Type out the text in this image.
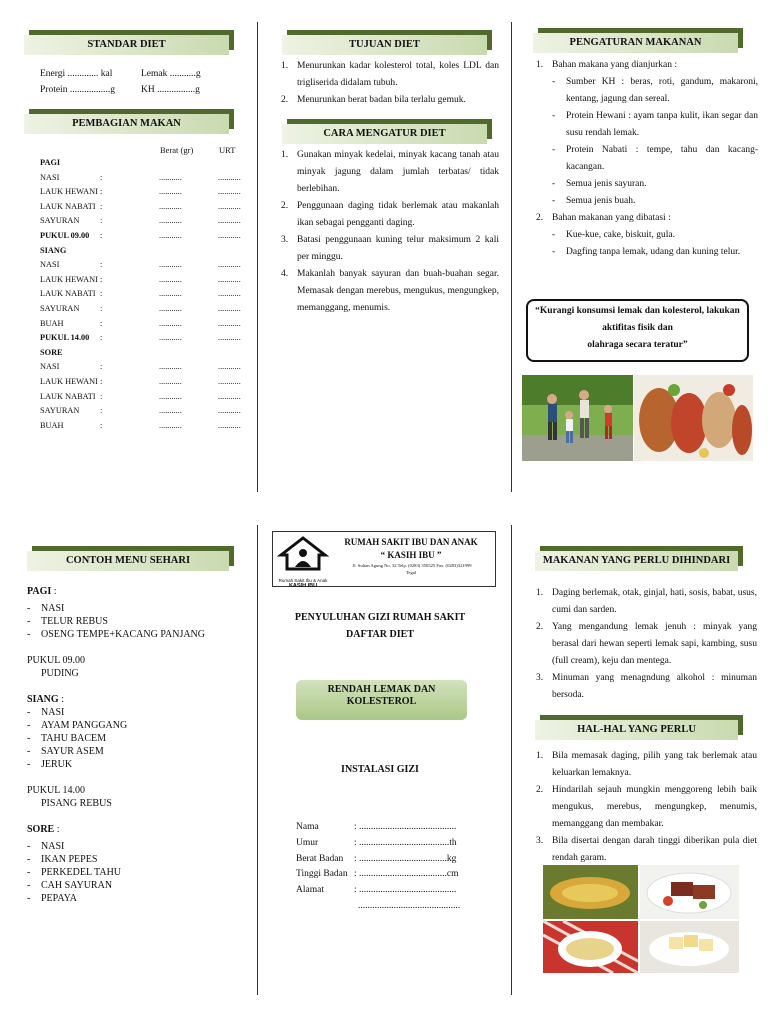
STANDAR DIET
Energi ............. kal	Lemak ...........g
Protein .................g	KH ................g
PEMBAGIAN MAKAN
Berat (gr)	URT
PAGI
NASI	:	...........	...........
LAUK HEWANI :	...........	...........
LAUK NABATI :	...........	...........
SAYURAN :	...........	...........
PUKUL 09.00 :	...........	...........
SIANG
NASI	:	...........	...........
LAUK HEWANI :	...........	...........
LAUK NABATI :	...........	...........
SAYURAN :	...........	...........
BUAH	:	...........	...........
PUKUL 14.00 :	...........	...........
SORE
NASI	:	...........	...........
LAUK HEWANI :	...........	...........
LAUK NABATI :	...........	...........
SAYURAN :	...........	...........
BUAH	:	...........	...........
TUJUAN DIET
1. Menurunkan kadar kolesterol total, koles LDL dan trigliserida didalam tubuh.
2. Menurunkan berat badan bila terlalu gemuk.
CARA MENGATUR DIET
1. Gunakan minyak kedelai, minyak kacang tanah atau minyak jagung dalam jumlah terbatas/ tidak berlebihan.
2. Penggunaan daging tidak berlemak atau makanlah ikan sebagai pengganti daging.
3. Batasi penggunaan kuning telur maksimum 2 kali per minggu.
4. Makanlah banyak sayuran dan buah-buahan segar. Memasak dengan merebus, mengukus, mengungkep, memanggang, menumis.
PENGATURAN MAKANAN
1. Bahan makana yang dianjurkan :
- Sumber KH : beras, roti, gandum, makaroni, kentang, jagung dan sereal.
- Protein Hewani : ayam tanpa kulit, ikan segar dan susu rendah lemak.
- Protein Nabati : tempe, tahu dan kacang-kacangan.
- Semua jenis sayuran.
- Semua jenis buah.
2. Bahan makanan yang dibatasi :
- Kue-kue, cake, biskuit, gula.
- Dagfing tanpa lemak, udang dan kuning telur.
“Kurangi konsumsi lemak dan kolesterol, lakukan
aktifitas fisik dan
olahraga secara teratur”
CONTOH MENU SEHARI
PAGI :
- NASI
- TELUR REBUS
- OSENG TEMPE+KACANG PANJANG
PUKUL 09.00
PUDING
SIANG :
- NASI
- AYAM PANGGANG
- TAHU BACEM
- SAYUR ASEM
- JERUK
PUKUL 14.00
PISANG REBUS
SORE :
- NASI
- IKAN PEPES
- PERKEDEL TAHU
- CAH SAYURAN
- PEPAYA
Rumah Sakit Ibu & Anak
KASIH IBU
RUMAH SAKIT IBU DAN ANAK
“ KASIH IBU ”
Jl. Sultan Agung No. 32 Telp. (0283) 350525 Fax. (0283)321999
Tegal
PENYULUHAN GIZI RUMAH SAKIT
DAFTAR DIET
RENDAH LEMAK DAN
KOLESTEROL
INSTALASI GIZI
Nama	: .........................................
Umur	: ......................................th
Berat Badan : .....................................kg
Tinggi Badan : .....................................cm
Alamat	: .........................................
...........................................
MAKANAN YANG PERLU DIHINDARI
1. Daging berlemak, otak, ginjal, hati, sosis, babat, usus, cumi dan sarden.
2. Yang mengandung lemak jenuh : minyak yang berasal dari hewan seperti lemak sapi, kambing, susu (full cream), keju dan mentega.
3. Minuman yang menagndung alkohol : minuman bersoda.
HAL-HAL YANG PERLU
1. Bila memasak daging, pilih yang tak berlemak atau keluarkan lemaknya.
2. Hindarilah sejauh mungkin menggoreng lebih baik mengukus, merebus, mengungkep, menumis, memanggang dan membakar.
3. Bila disertai dengan darah tinggi diberikan pula diet rendah garam.
